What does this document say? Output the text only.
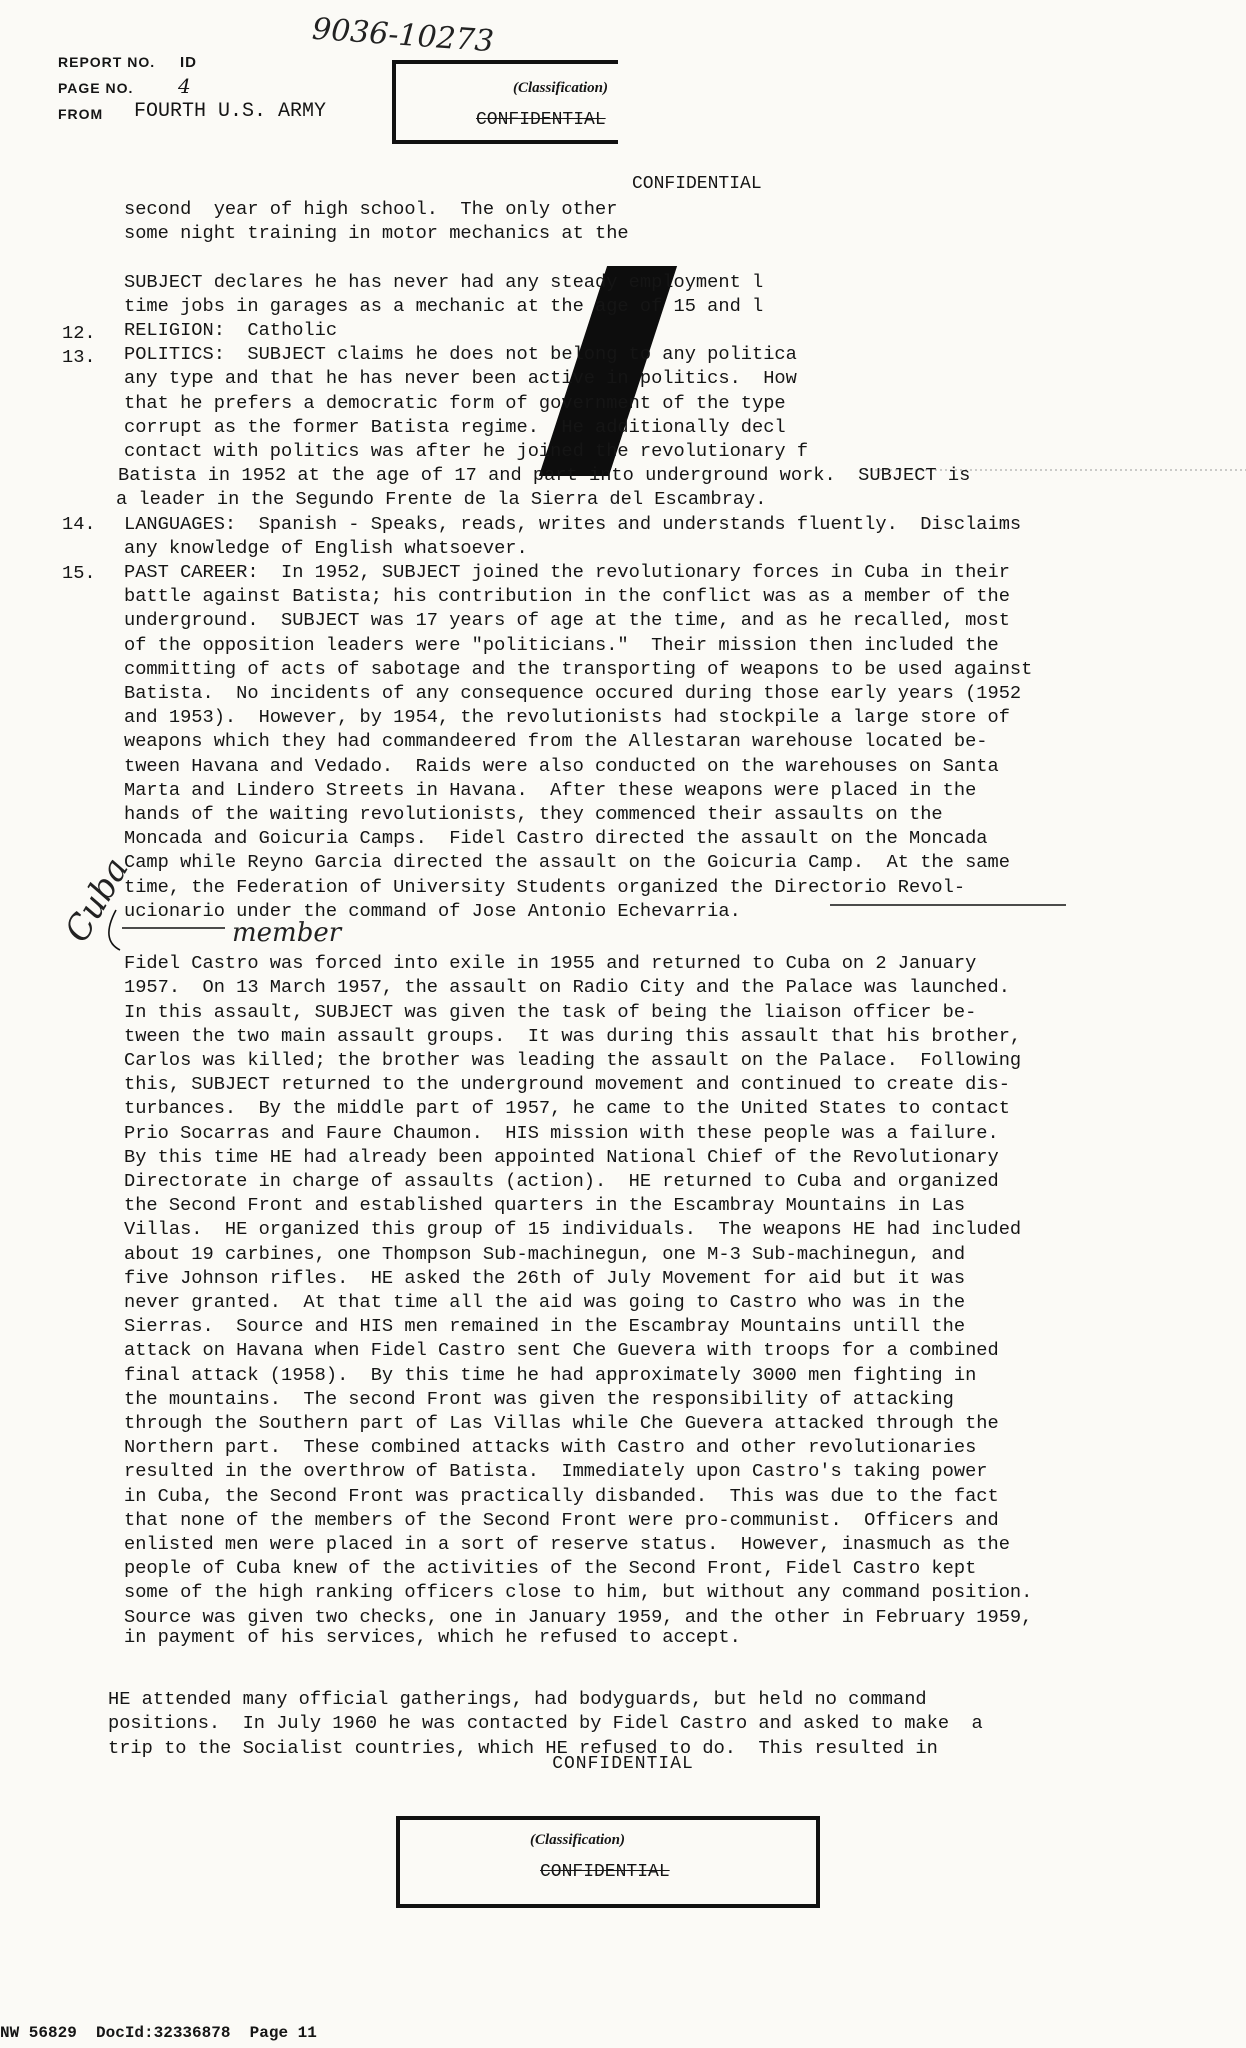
REPORT NO. ID
PAGE NO. 4
FROM FOURTH U.S. ARMY
9036-10273
(Classification)
CONFIDENTIAL
CONFIDENTIAL
12.
13.
14.
15.
second  year of high school.  The only other
some night training in motor mechanics at the
SUBJECT declares he has never had any steady employment l
time jobs in garages as a mechanic at the age of 15 and l
RELIGION:  Catholic
POLITICS:  SUBJECT claims he does not belong to any politica
any type and that he has never been active in politics.  How
that he prefers a democratic form of government of the type
corrupt as the former Batista regime.  He additionally decl
contact with politics was after he joined the revolutionary f
Batista in 1952 at the age of 17 and part into underground work.  SUBJECT is
a leader in the Segundo Frente de la Sierra del Escambray.
LANGUAGES:  Spanish - Speaks, reads, writes and understands fluently.  Disclaims
any knowledge of English whatsoever.
PAST CAREER:  In 1952, SUBJECT joined the revolutionary forces in Cuba in their
battle against Batista; his contribution in the conflict was as a member of the
underground.  SUBJECT was 17 years of age at the time, and as he recalled, most
of the opposition leaders were "politicians."  Their mission then included the
committing of acts of sabotage and the transporting of weapons to be used against
Batista.  No incidents of any consequence occured during those early years (1952
and 1953).  However, by 1954, the revolutionists had stockpile a large store of
weapons which they had commandeered from the Allestaran warehouse located be-
tween Havana and Vedado.  Raids were also conducted on the warehouses on Santa
Marta and Lindero Streets in Havana.  After these weapons were placed in the
hands of the waiting revolutionists, they commenced their assaults on the
Moncada and Goicuria Camps.  Fidel Castro directed the assault on the Moncada
Camp while Reyno Garcia directed the assault on the Goicuria Camp.  At the same
time, the Federation of University Students organized the Directorio Revol-
ucionario under the command of Jose Antonio Echevarria.
Fidel Castro was forced into exile in 1955 and returned to Cuba on 2 January
1957.  On 13 March 1957, the assault on Radio City and the Palace was launched.
In this assault, SUBJECT was given the task of being the liaison officer be-
tween the two main assault groups.  It was during this assault that his brother,
Carlos was killed; the brother was leading the assault on the Palace.  Following
this, SUBJECT returned to the underground movement and continued to create dis-
turbances.  By the middle part of 1957, he came to the United States to contact
Prio Socarras and Faure Chaumon.  HIS mission with these people was a failure.
By this time HE had already been appointed National Chief of the Revolutionary
Directorate in charge of assaults (action).  HE returned to Cuba and organized
the Second Front and established quarters in the Escambray Mountains in Las
Villas.  HE organized this group of 15 individuals.  The weapons HE had included
about 19 carbines, one Thompson Sub-machinegun, one M-3 Sub-machinegun, and
five Johnson rifles.  HE asked the 26th of July Movement for aid but it was
never granted.  At that time all the aid was going to Castro who was in the
Sierras.  Source and HIS men remained in the Escambray Mountains untill the
attack on Havana when Fidel Castro sent Che Guevera with troops for a combined
final attack (1958).  By this time he had approximately 3000 men fighting in
the mountains.  The second Front was given the responsibility of attacking
through the Southern part of Las Villas while Che Guevera attacked through the
Northern part.  These combined attacks with Castro and other revolutionaries
resulted in the overthrow of Batista.  Immediately upon Castro's taking power
in Cuba, the Second Front was practically disbanded.  This was due to the fact
that none of the members of the Second Front were pro-communist.  Officers and
enlisted men were placed in a sort of reserve status.  However, inasmuch as the
people of Cuba knew of the activities of the Second Front, Fidel Castro kept
some of the high ranking officers close to him, but without any command position.
Source was given two checks, one in January 1959, and the other in February 1959,
in payment of his services, which he refused to accept.
HE attended many official gatherings, had bodyguards, but held no command
positions.  In July 1960 he was contacted by Fidel Castro and asked to make  a
trip to the Socialist countries, which HE refused to do.  This resulted in
Cuba	member
CONFIDENTIAL
(Classification)
CONFIDENTIAL
NW 56829  DocId:32336878  Page 11
